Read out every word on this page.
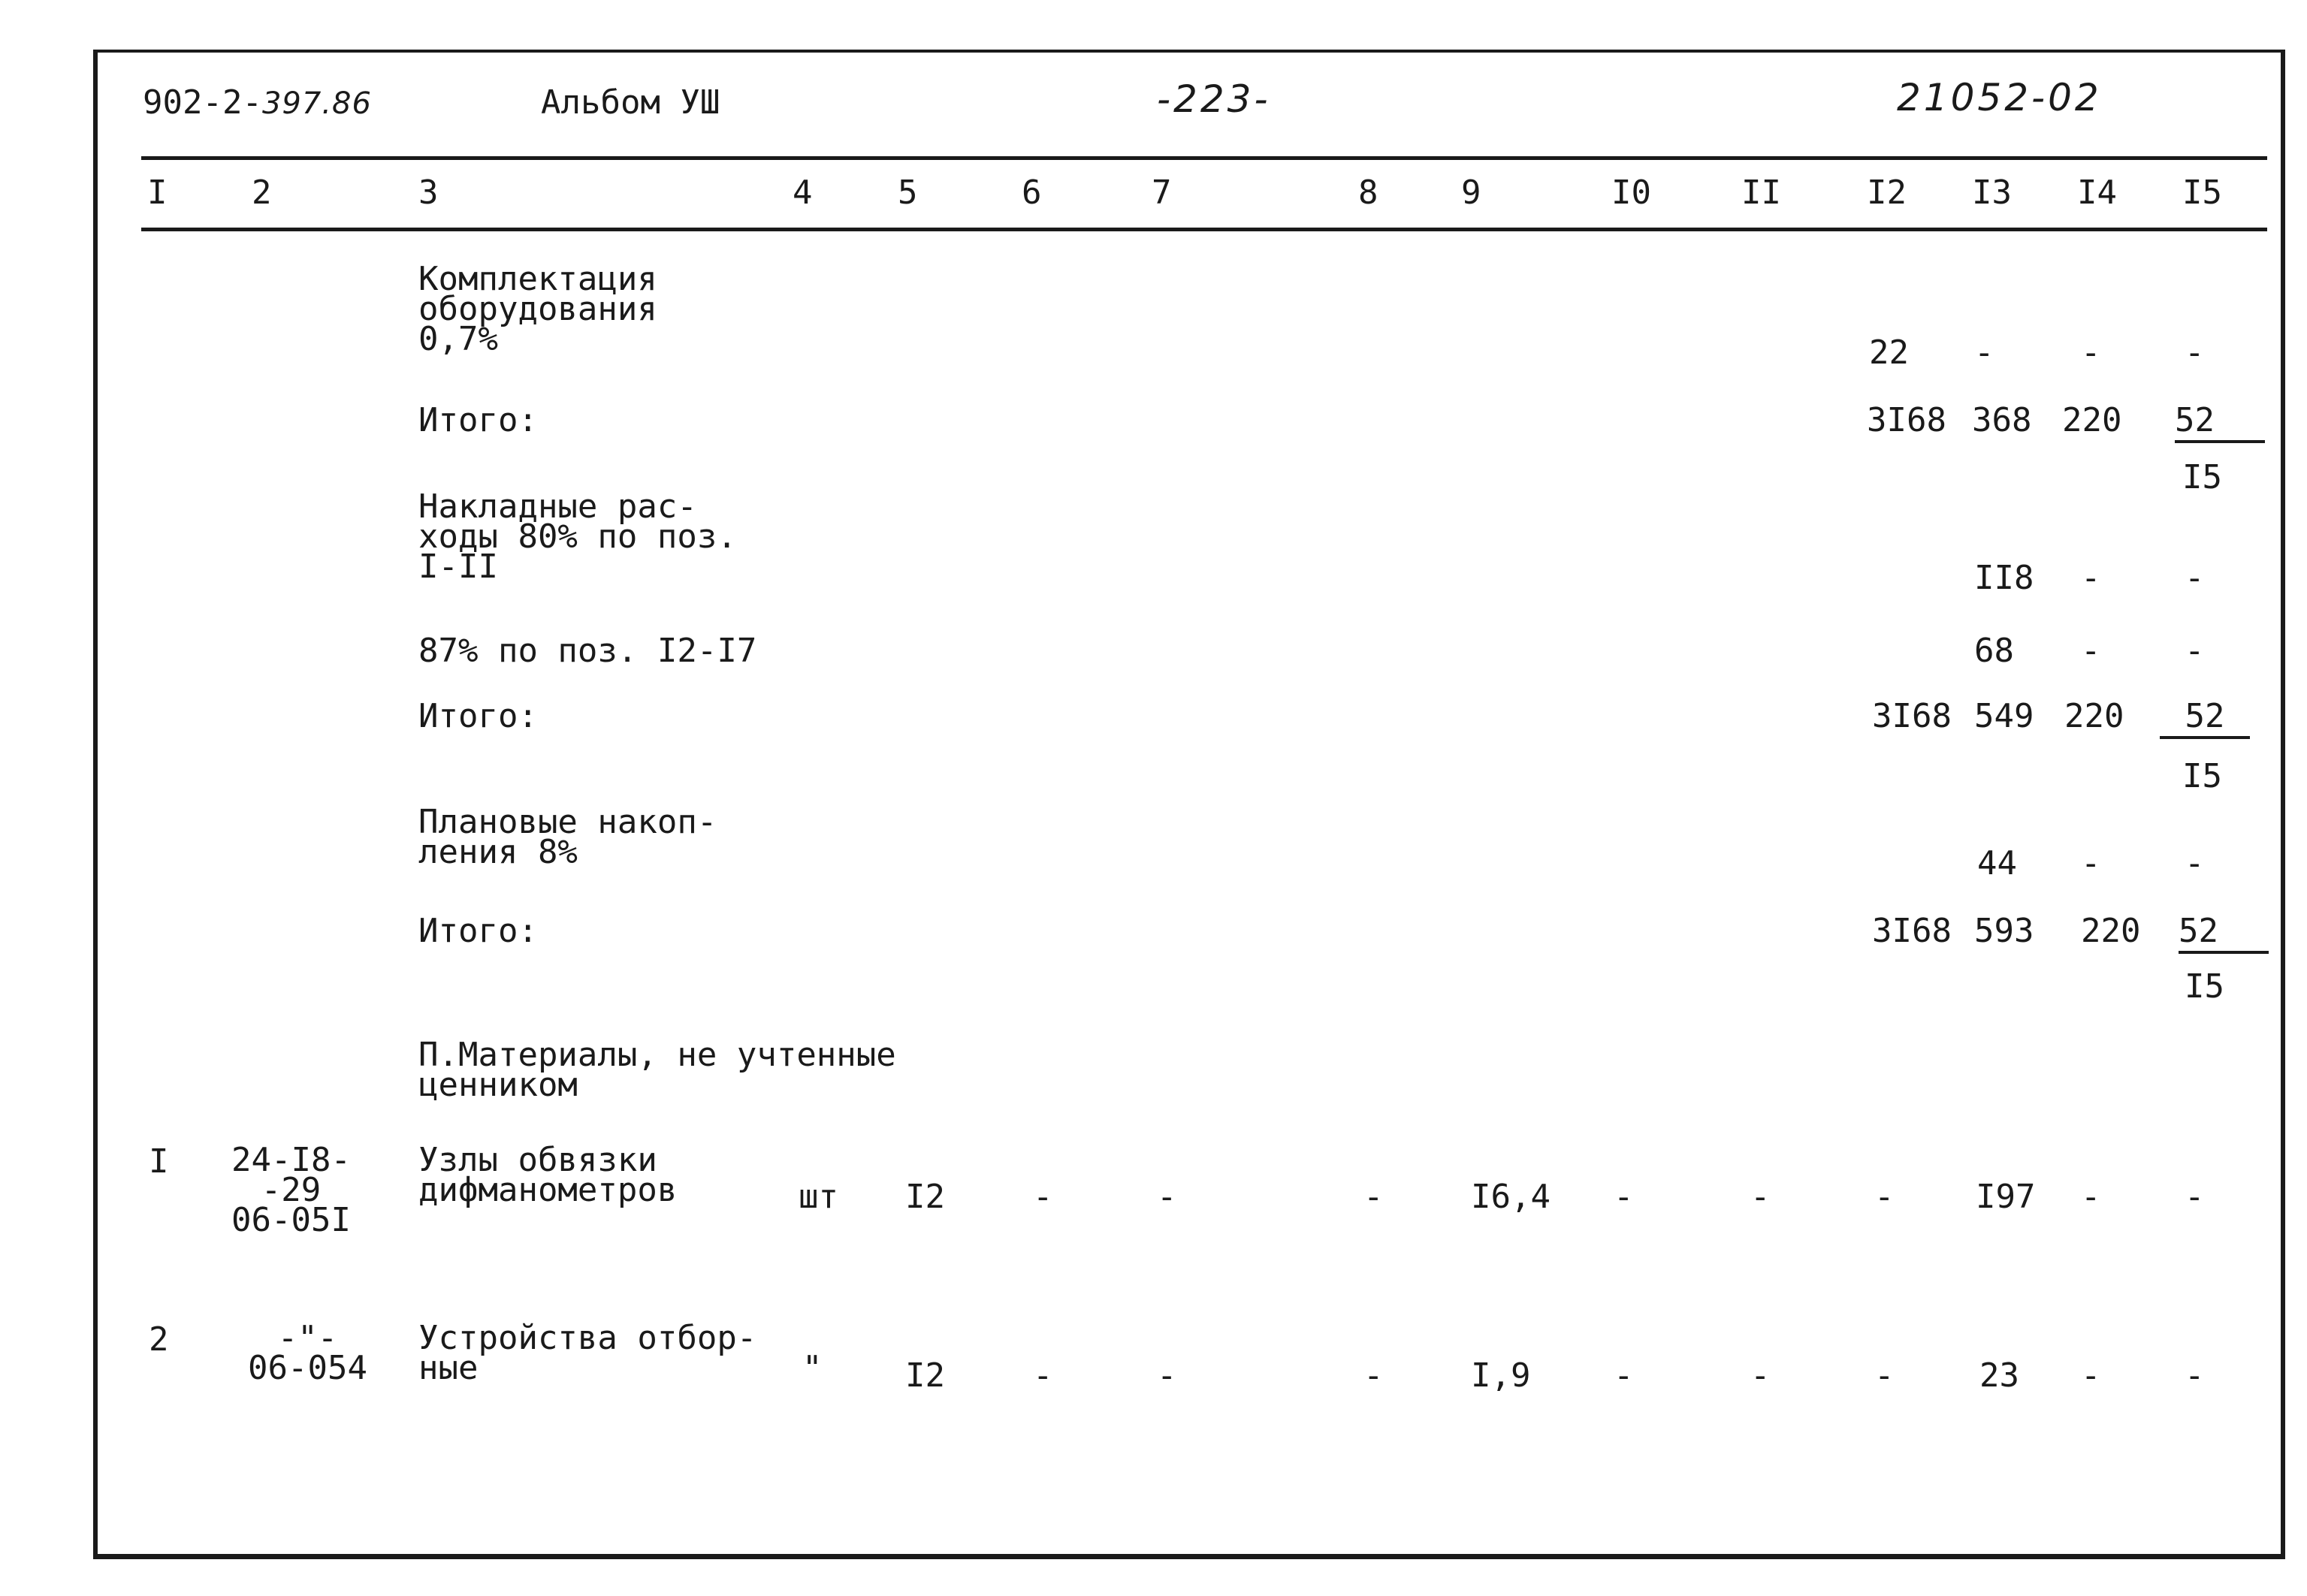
902-2-397.86	Альбом УШ	-223-	21052-02
I	2	3	4	5	6	7	8	9	I0	II	I2 I3 I4 I5
Комплектация
оборудования
0,7%	22 -	-	-
Итого:	3I68 368 220 52
I5
Накладные рас-
ходы 80% по поз.
I-II	II8 -	-
87% по поз. I2-I7	68 -	-
Итого:	3I68 549 220	52
I5
Плановые накоп-
ления 8%	44 -	-
Итого:	3I68 593 220 52
I5
П.Материалы, не учтенные
ценником
I 24-I8-
-29
06-05I
Узлы обвязки
дифманометров	шт I2	-	-	-	I6,4 -	-	- I97 -	-
2	-"-
06-054
Устройства отбор-
ные	"	I2	-	-	-	I,9	-	-	-	23 -	-
